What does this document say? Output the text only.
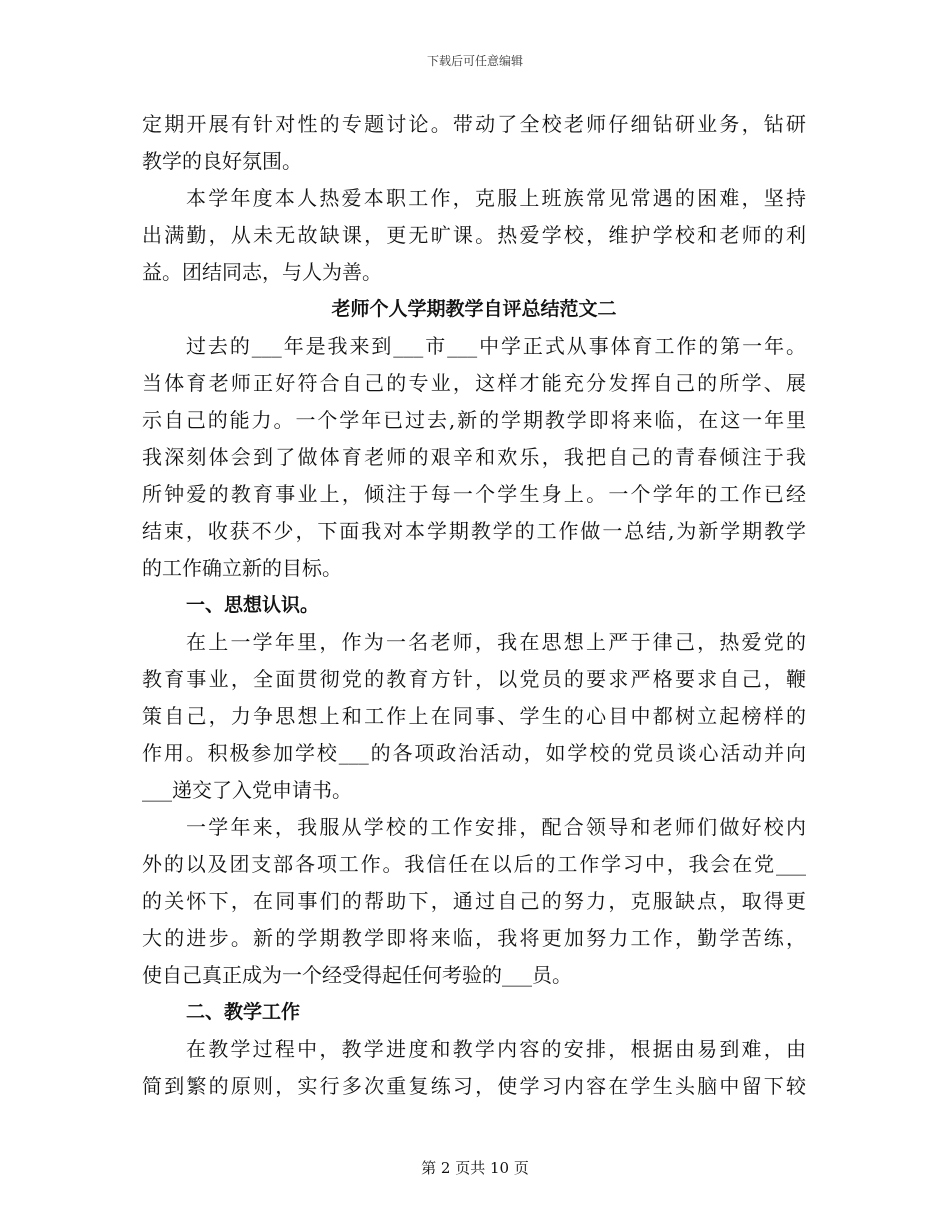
下载后可任意编辑
定期开展有针对性的专题讨论。带动了全校老师仔细钻研业务，钻研
教学的良好氛围。
本学年度本人热爱本职工作，克服上班族常见常遇的困难，坚持
出满勤，从未无故缺课，更无旷课。热爱学校，维护学校和老师的利
益。团结同志，与人为善。
老师个人学期教学自评总结范文二
过去的___年是我来到___市___中学正式从事体育工作的第一年。
当体育老师正好符合自己的专业，这样才能充分发挥自己的所学、展
示自己的能力。一个学年已过去,新的学期教学即将来临，在这一年里
我深刻体会到了做体育老师的艰辛和欢乐，我把自己的青春倾注于我
所钟爱的教育事业上，倾注于每一个学生身上。一个学年的工作已经
结束，收获不少，下面我对本学期教学的工作做一总结,为新学期教学
的工作确立新的目标。
一、思想认识。
在上一学年里，作为一名老师，我在思想上严于律己，热爱党的
教育事业，全面贯彻党的教育方针，以党员的要求严格要求自己，鞭
策自己，力争思想上和工作上在同事、学生的心目中都树立起榜样的
作用。积极参加学校___的各项政治活动，如学校的党员谈心活动并向
___递交了入党申请书。
一学年来，我服从学校的工作安排，配合领导和老师们做好校内
外的以及团支部各项工作。我信任在以后的工作学习中，我会在党___
的关怀下，在同事们的帮助下，通过自己的努力，克服缺点，取得更
大的进步。新的学期教学即将来临，我将更加努力工作，勤学苦练，
使自己真正成为一个经受得起任何考验的___员。
二、教学工作
在教学过程中，教学进度和教学内容的安排，根据由易到难，由
简到繁的原则，实行多次重复练习，使学习内容在学生头脑中留下较
第 2 页共 10 页
